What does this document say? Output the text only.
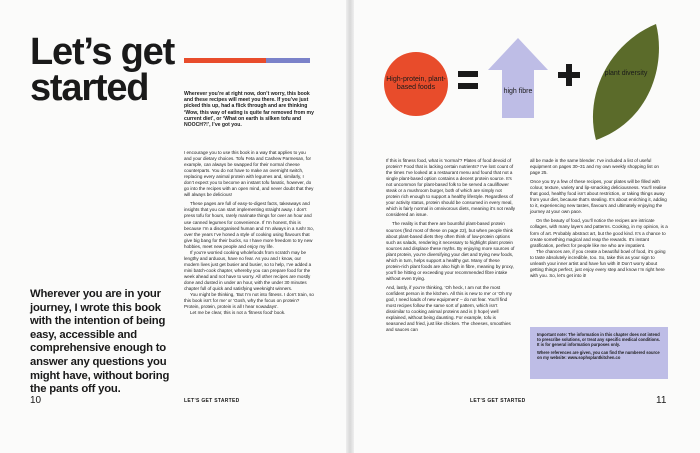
Let’s get
started	Wherever you’re at right now, don’t worry, this book and these recipes will meet you there. If you’ve just picked this up, had a flick through and are thinking ‘Wow, this way of eating is quite far removed from my current diet’, or ‘What on earth is silken tofu and NOOCH?!’, I’ve got you.

I encourage you to use this book in a way that applies to you and your dietary choices. Tofu Feta and Cashew Parmesan, for example, can always be swapped for their normal cheese counterparts. You do not have to make an overnight switch, replacing every animal protein with legumes and, similarly, I don’t expect you to become an instant tofu fanatic, however, do go into the recipes with an open mind, and never doubt that they will always be delicious!

These pages are full of easy-to-digest facts, takeaways and insights that you can start implementing straight away. I don’t press tofu for hours, rarely marinate things for over an hour and use canned legumes for convenience. If I’m honest, this is because I’m a disorganised human and I’m always in a rush! So, over the years I’ve honed a style of cooking using flavours that give big bang for their bucks, so I have more freedom to try new hobbies, meet new people and enjoy my life.

If you’re worried cooking wholefoods from scratch may be lengthy and arduous, have no fear. As you and I know, our modern lives just get busier and busier, so to help, I’ve added a mini batch-cook chapter, whereby you can prepare food for the week ahead and not have to worry. All other recipes are mostly done and dusted in under an hour, with the under 30 minutes chapter full of quick and satisfying weeknight winners.

You might be thinking, ‘But I’m not into fitness. I don’t train, so this book isn’t for me’ or ‘Gosh, why the focus on protein? Protein, protein, protein is all I hear nowadays’.

Let me be clear, this is not a ‘fitness food’ book.

Wherever you are in your journey, I wrote this book with the intention of being easy, accessible and comprehensive enough to answer any questions you might have, without boring the pants off you.

10	LET’S GET STARTED
High-protein, plant-based foods
high fibre
plant diversity

If this is fitness food, what is ‘normal’? Plates of food devoid of protein? Food that is lacking certain nutrients? I’ve lost count of the times I’ve looked at a restaurant menu and found that not a single plant-based option contains a decent protein source. It’s not uncommon for plant-based folk to be served a cauliflower steak or a mushroom burger, both of which are simply not protein rich enough to support a healthy lifestyle. Regardless of your activity status, protein should be consumed in every meal, which is fairly normal in omnivorous diets, meaning it’s not really considered an issue.

The reality is that there are bountiful plant-based protein sources (find most of these on page 22), but when people think about plant-based diets they often think of low-protein options such as salads, rendering it necessary to highlight plant protein sources and displace these myths. By enjoying more sources of plant protein, you’re diversifying your diet and trying new foods, which in turn, helps support a healthy gut. Many of these protein-rich plant foods are also high in fibre, meaning by proxy, you’ll be hitting or exceeding your recommended fibre intake without even trying.

And, lastly, if you’re thinking, ‘Oh heck, I am not the most confident person in the kitchen. All this is new to me’ or ‘Oh my god, I need loads of new equipment’ – do not fear. You’ll find most recipes follow the same sort of pattern, which isn’t dissimilar to cooking animal proteins and is (I hope) well explained, without being daunting. For example, tofu is seasoned and fried, just like chicken. The cheeses, smoothies and sauces can

all be made in the same blender. I’ve included a list of useful equipment on pages 30–31 and my own weekly shopping list on page 25.

Once you try a few of these recipes, your plates will be filled with colour, texture, variety and lip-smacking deliciousness. You’ll realise that good, healthy food isn’t about restriction, or taking things away from your diet, because that’s stealing. It’s about enriching it, adding to it, experiencing new tastes, flavours and ultimately enjoying the journey at your own pace.

On the beauty of food, you’ll notice the recipes are intricate collages, with many layers and patterns. Cooking, in my opinion, is a form of art. Probably abstract art, but the good kind. It’s a chance to create something magical and reap the rewards. It’s instant gratification, perfect for people like me who are impatient.

The chances are, if you create a beautiful bowl of food, it’s going to taste absolutely incredible, too. So, take this as your sign to unleash your inner artist and have fun with it! Don’t worry about getting things perfect, just enjoy every step and know I’m right here with you. So, let’s get into it!

Important note: The information in this chapter does not intend to prescribe solutions, or treat any specific medical conditions. It is for general information purposes only.

Where references are given, you can find the numbered source on my website: www.sophsplantkitchen.co

LET’S GET STARTED	11
